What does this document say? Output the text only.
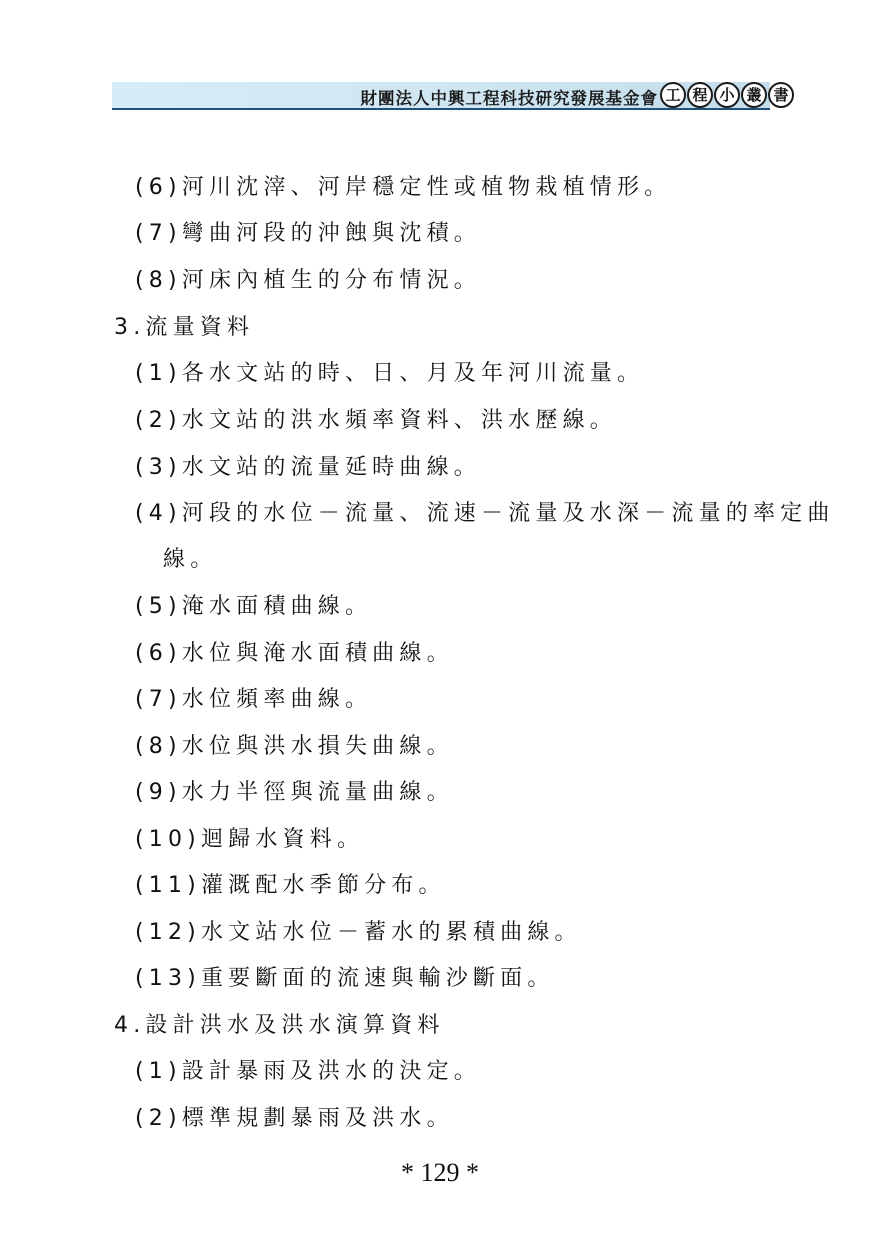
財團法人中興工程科技研究發展基金會 工 程 小 叢 書
(6)河川沈滓、河岸穩定性或植物栽植情形。
(7)彎曲河段的沖蝕與沈積。
(8)河床內植生的分布情況。
3.流量資料
(1)各水文站的時、日、月及年河川流量。
(2)水文站的洪水頻率資料、洪水歷線。
(3)水文站的流量延時曲線。
(4)河段的水位－流量、流速－流量及水深－流量的率定曲
線。
(5)淹水面積曲線。
(6)水位與淹水面積曲線。
(7)水位頻率曲線。
(8)水位與洪水損失曲線。
(9)水力半徑與流量曲線。
(10)迴歸水資料。
(11)灌溉配水季節分布。
(12)水文站水位－蓄水的累積曲線。
(13)重要斷面的流速與輸沙斷面。
4.設計洪水及洪水演算資料
(1)設計暴雨及洪水的決定。
(2)標準規劃暴雨及洪水。
* 129 *
